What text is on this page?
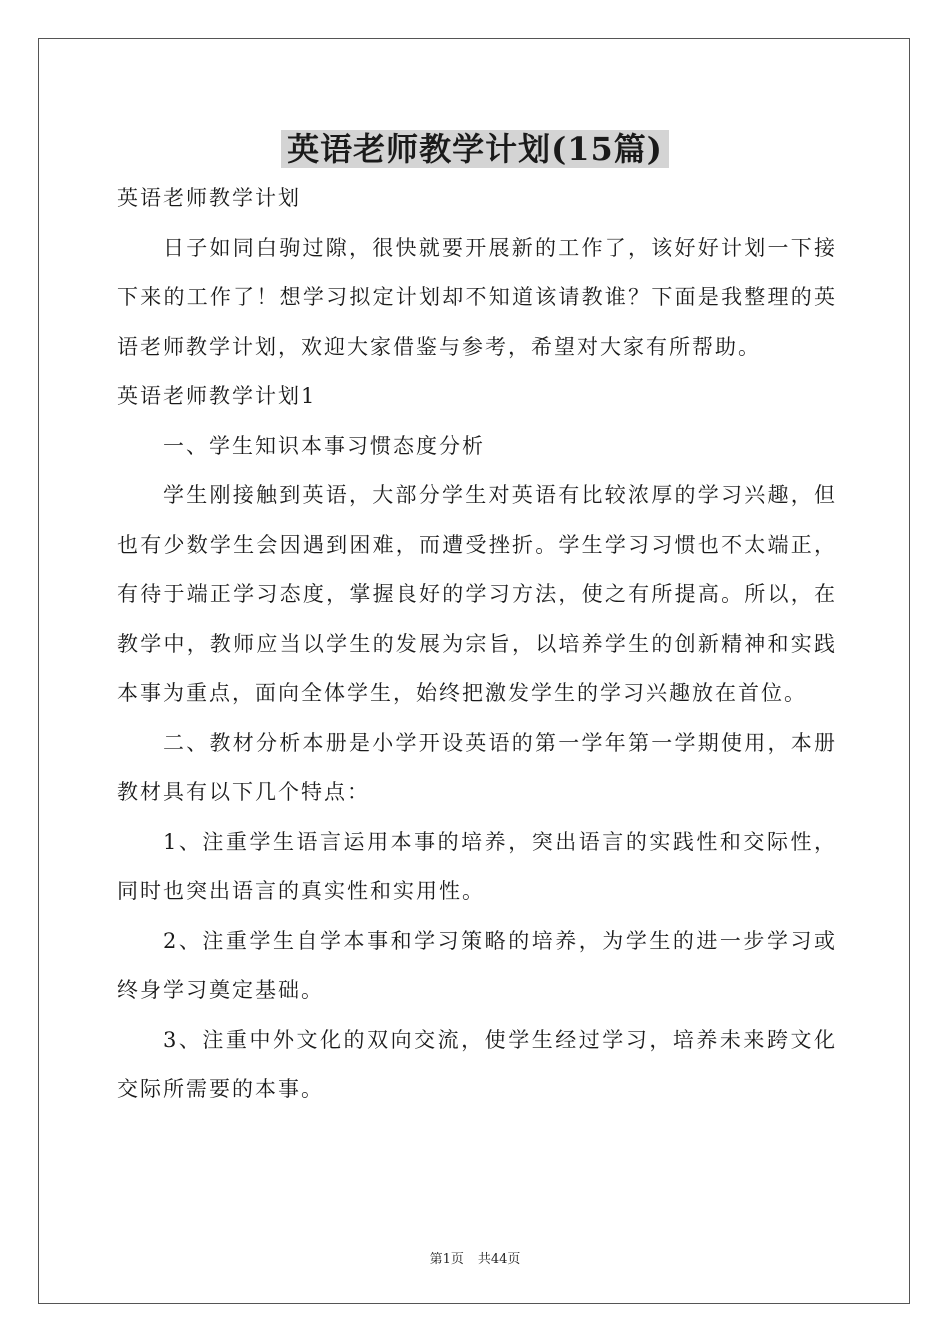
英语老师教学计划(15篇)

英语老师教学计划

日子如同白驹过隙，很快就要开展新的工作了，该好好计划一下接下来的工作了！想学习拟定计划却不知道该请教谁？下面是我整理的英语老师教学计划，欢迎大家借鉴与参考，希望对大家有所帮助。

英语老师教学计划1

一、学生知识本事习惯态度分析

学生刚接触到英语，大部分学生对英语有比较浓厚的学习兴趣，但也有少数学生会因遇到困难，而遭受挫折。学生学习习惯也不太端正，有待于端正学习态度，掌握良好的学习方法，使之有所提高。所以，在教学中，教师应当以学生的发展为宗旨，以培养学生的创新精神和实践本事为重点，面向全体学生，始终把激发学生的学习兴趣放在首位。

二、教材分析本册是小学开设英语的第一学年第一学期使用，本册教材具有以下几个特点：

1、注重学生语言运用本事的培养，突出语言的实践性和交际性，同时也突出语言的真实性和实用性。

2、注重学生自学本事和学习策略的培养，为学生的进一步学习或终身学习奠定基础。

3、注重中外文化的双向交流，使学生经过学习，培养未来跨文化交际所需要的本事。

第1页 共44页
